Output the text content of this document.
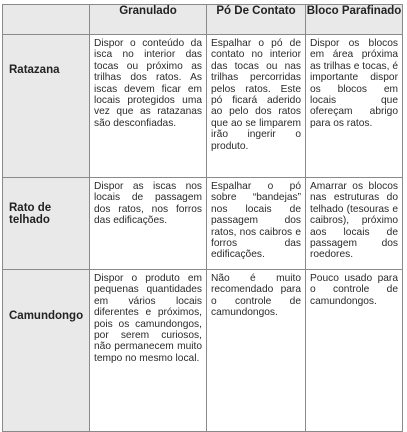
	Granulado	Pó De Contato	Bloco Parafinado

Ratazana	Dispor o conteúdo da isca no interior das tocas ou próximo as trilhas dos ratos. As iscas devem ficar em locais protegidos uma vez que as ratazanas são desconfiadas.	Espalhar o pó de contato no interior das tocas ou nas trilhas percorridas pelos ratos. Este pó ficará aderido ao pelo dos ratos que ao se limparem irão ingerir o produto.	Dispor os blocos em área próxima as trilhas e tocas, é importante dispor os blocos em locais que ofereçam abrigo para os ratos.

Rato de telhado	Dispor as iscas nos locais de passagem dos ratos, nos forros das edificações.	Espalhar o pó sobre “bandejas” nos locais de passagem dos ratos, nos caibros e forros das edificações.	Amarrar os blocos nas estruturas do telhado (tesouras e caibros), próximo aos locais de passagem dos roedores.

Camundongo	Dispor o produto em pequenas quantidades em vários locais diferentes e próximos, pois os camundongos, por serem curiosos, não permanecem muito tempo no mesmo local.	Não é muito recomendado para o controle de camundongos.	Pouco usado para o controle de camundongos.
